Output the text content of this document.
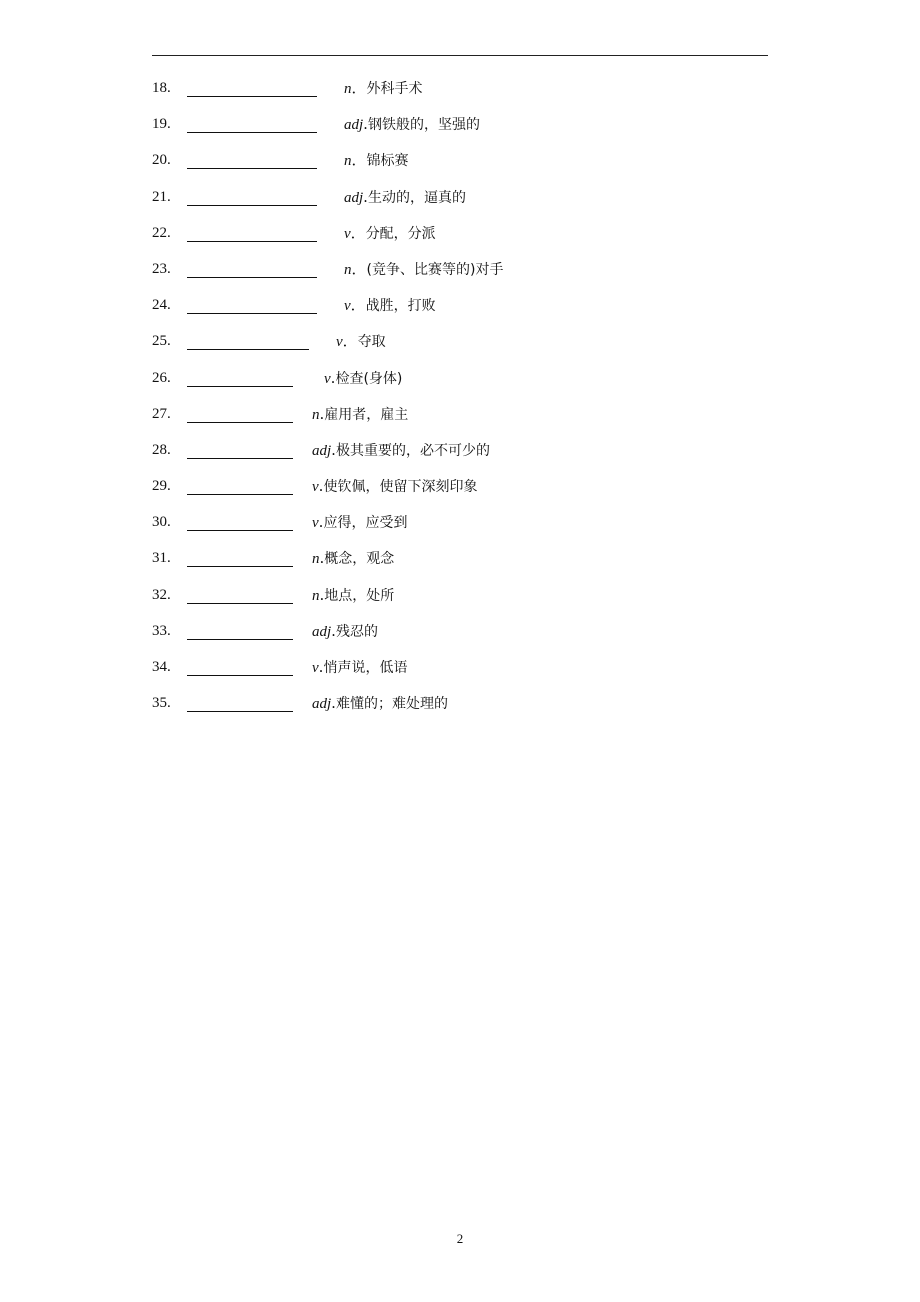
18.	n．外科手术
19.	adj.钢铁般的，坚强的
20.	n．锦标赛
21.	adj.生动的，逼真的
22.	v．分配，分派
23.	n．(竞争、比赛等的)对手
24.	v．战胜，打败
25.	v．夺取
26.	v.检查(身体)
27.	n.雇用者，雇主
28.	adj.极其重要的，必不可少的
29.	v.使钦佩，使留下深刻印象
30.	v.应得，应受到
31.	n.概念，观念
32.	n.地点，处所
33.	adj.残忍的
34.	v.悄声说，低语
35.	adj.难懂的；难处理的
2
